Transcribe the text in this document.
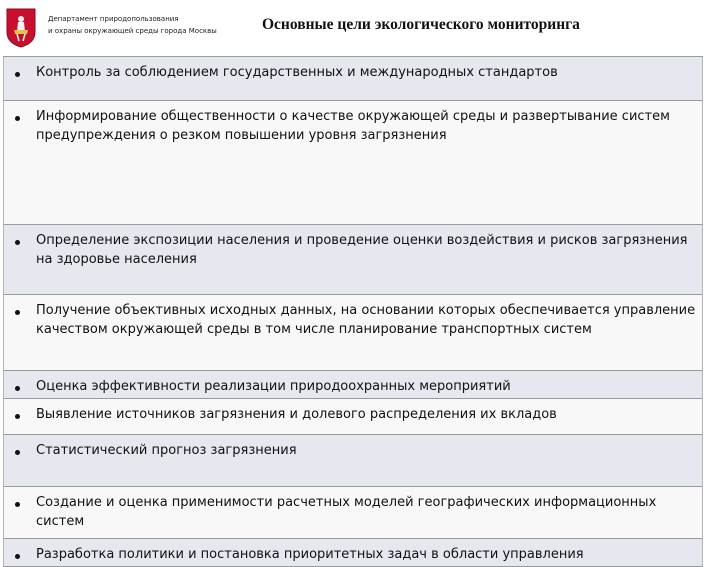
Департамент природопользования
и охраны окружающей среды города Москвы	Основные цели экологического мониторинга
Контроль за соблюдением государственных и международных стандартов
Информирование общественности о качестве окружающей среды и развертывание систем предупреждения о резком повышении уровня загрязнения
Определение экспозиции населения и проведение оценки воздействия и рисков загрязнения на здоровье населения
Получение объективных исходных данных, на основании которых обеспечивается управление качеством окружающей среды в том числе планирование транспортных систем
Оценка эффективности реализации природоохранных мероприятий
Выявление источников загрязнения и долевого распределения их вкладов
Статистический прогноз загрязнения
Создание и оценка применимости расчетных моделей географических информационных систем
Разработка политики и постановка приоритетных задач в области управления
